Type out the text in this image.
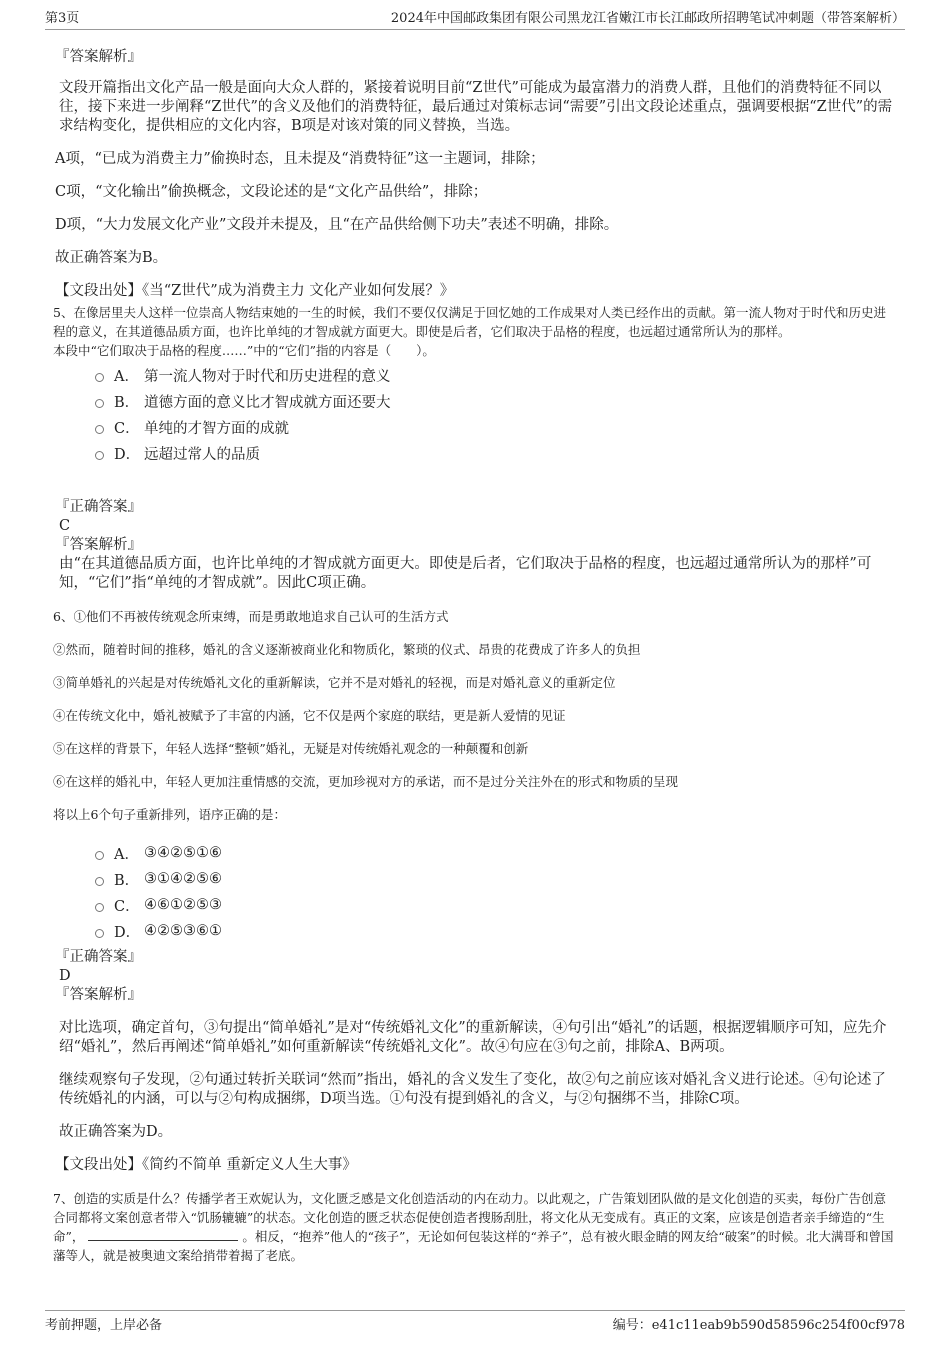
第3页	2024年中国邮政集团有限公司黑龙江省嫩江市长江邮政所招聘笔试冲刺题（带答案解析）

『答案解析』

文段开篇指出文化产品一般是面向大众人群的，紧接着说明目前“Z世代”可能成为最富潜力的消费人群，且他们的消费特征不同以往，接下来进一步阐释“Z世代”的含义及他们的消费特征，最后通过对策标志词“需要”引出文段论述重点，强调要根据“Z世代”的需求结构变化，提供相应的文化内容，B项是对该对策的同义替换，当选。

A项，“已成为消费主力”偷换时态，且未提及“消费特征”这一主题词，排除；

C项，“文化输出”偷换概念，文段论述的是“文化产品供给”，排除；

D项，“大力发展文化产业”文段并未提及，且“在产品供给侧下功夫”表述不明确，排除。

故正确答案为B。

【文段出处】《当“Z世代”成为消费主力 文化产业如何发展？》

5、在像居里夫人这样一位崇高人物结束她的一生的时候，我们不要仅仅满足于回忆她的工作成果对人类已经作出的贡献。第一流人物对于时代和历史进程的意义，在其道德品质方面，也许比单纯的才智成就方面更大。即使是后者，它们取决于品格的程度，也远超过通常所认为的那样。

本段中“它们取决于品格的程度……”中的“它们”指的内容是（　　）。

A． 第一流人物对于时代和历史进程的意义
B． 道德方面的意义比才智成就方面还要大
C． 单纯的才智方面的成就
D． 远超过常人的品质

『正确答案』

C

『答案解析』

由“在其道德品质方面，也许比单纯的才智成就方面更大。即使是后者，它们取决于品格的程度，也远超过通常所认为的那样”可知，“它们”指“单纯的才智成就”。因此C项正确。

6、①他们不再被传统观念所束缚，而是勇敢地追求自己认可的生活方式

②然而，随着时间的推移，婚礼的含义逐渐被商业化和物质化，繁琐的仪式、昂贵的花费成了许多人的负担

③简单婚礼的兴起是对传统婚礼文化的重新解读，它并不是对婚礼的轻视，而是对婚礼意义的重新定位

④在传统文化中，婚礼被赋予了丰富的内涵，它不仅是两个家庭的联结，更是新人爱情的见证

⑤在这样的背景下，年轻人选择“整顿”婚礼，无疑是对传统婚礼观念的一种颠覆和创新

⑥在这样的婚礼中，年轻人更加注重情感的交流，更加珍视对方的承诺，而不是过分关注外在的形式和物质的呈现

将以上6个句子重新排列，语序正确的是：

A． ③④②⑤①⑥
B． ③①④②⑤⑥
C． ④⑥①②⑤③
D． ④②⑤③⑥①

『正确答案』

D

『答案解析』

对比选项，确定首句，③句提出“简单婚礼”是对“传统婚礼文化”的重新解读，④句引出“婚礼”的话题，根据逻辑顺序可知，应先介绍“婚礼”，然后再阐述“简单婚礼”如何重新解读“传统婚礼文化”。故④句应在③句之前，排除A、B两项。

继续观察句子发现，②句通过转折关联词“然而”指出，婚礼的含义发生了变化，故②句之前应该对婚礼含义进行论述。④句论述了传统婚礼的内涵，可以与②句构成捆绑，D项当选。①句没有提到婚礼的含义，与②句捆绑不当，排除C项。

故正确答案为D。

【文段出处】《简约不简单 重新定义人生大事》

7、创造的实质是什么？传播学者王欢妮认为，文化匮乏感是文化创造活动的内在动力。以此观之，广告策划团队做的是文化创造的买卖，每份广告创意合同都将文案创意者带入“饥肠辘辘”的状态。文化创造的匮乏状态促使创造者搜肠刮肚，将文化从无变成有。真正的文案，应该是创造者亲手缔造的“生命”，	。相反，“抱养”他人的“孩子”，无论如何包装这样的“养子”，总有被火眼金睛的网友给“破案”的时候。北大满哥和曾国藩等人，就是被奥迪文案给捎带着揭了老底。

考前押题，上岸必备	编号：e41c11eab9b590d58596c254f00cf978
